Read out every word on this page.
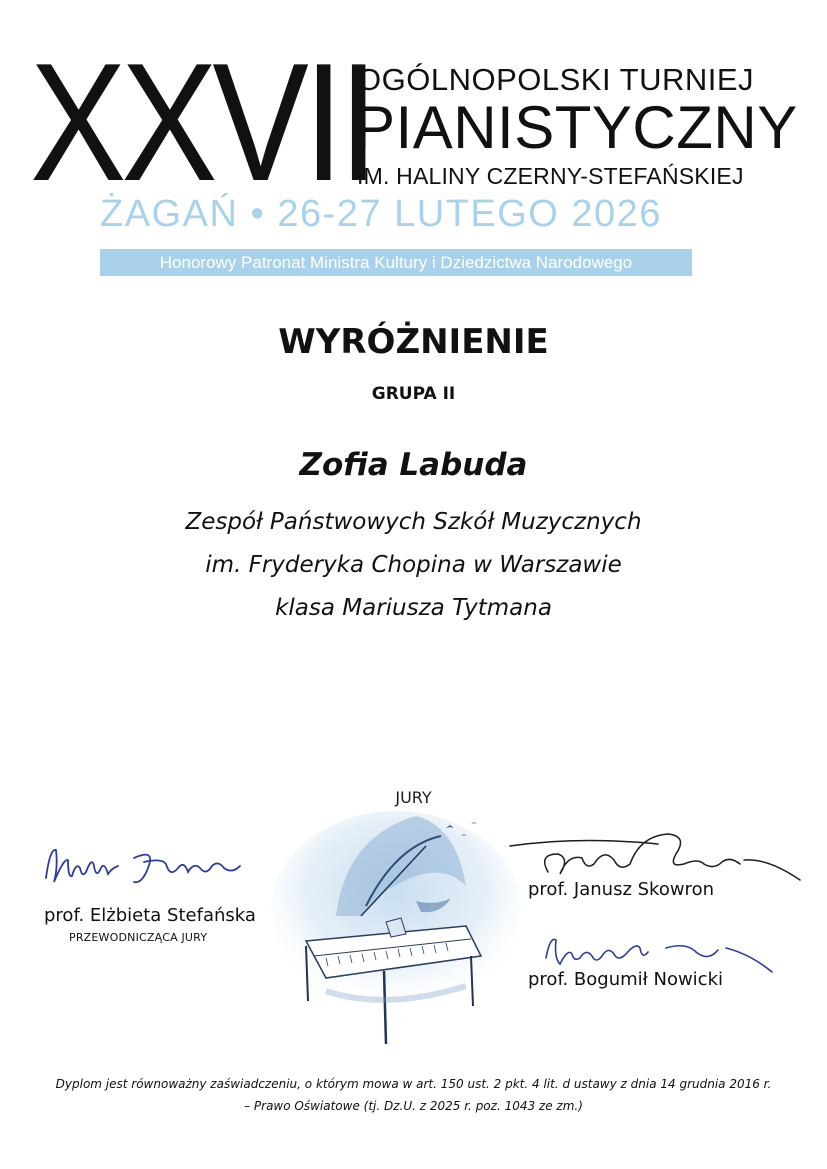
XXVII
OGÓLNOPOLSKI TURNIEJ
PIANISTYCZNY
IM. HALINY CZERNY-STEFAŃSKIEJ
ŻAGAŃ • 26-27 LUTEGO 2026
Honorowy Patronat Ministra Kultury i Dziedzictwa Narodowego
WYRÓŻNIENIE
GRUPA II
Zofia Labuda
Zespół Państwowych Szkół Muzycznych
im. Fryderyka Chopina w Warszawie
klasa Mariusza Tytmana
JURY
prof. Elżbieta Stefańska
PRZEWODNICZĄCA JURY
prof. Janusz Skowron
prof. Bogumił Nowicki
Dyplom jest równoważny zaświadczeniu, o którym mowa w art. 150 ust. 2 pkt. 4 lit. d ustawy z dnia 14 grudnia 2016 r.
– Prawo Oświatowe (tj. Dz.U. z 2025 r. poz. 1043 ze zm.)
